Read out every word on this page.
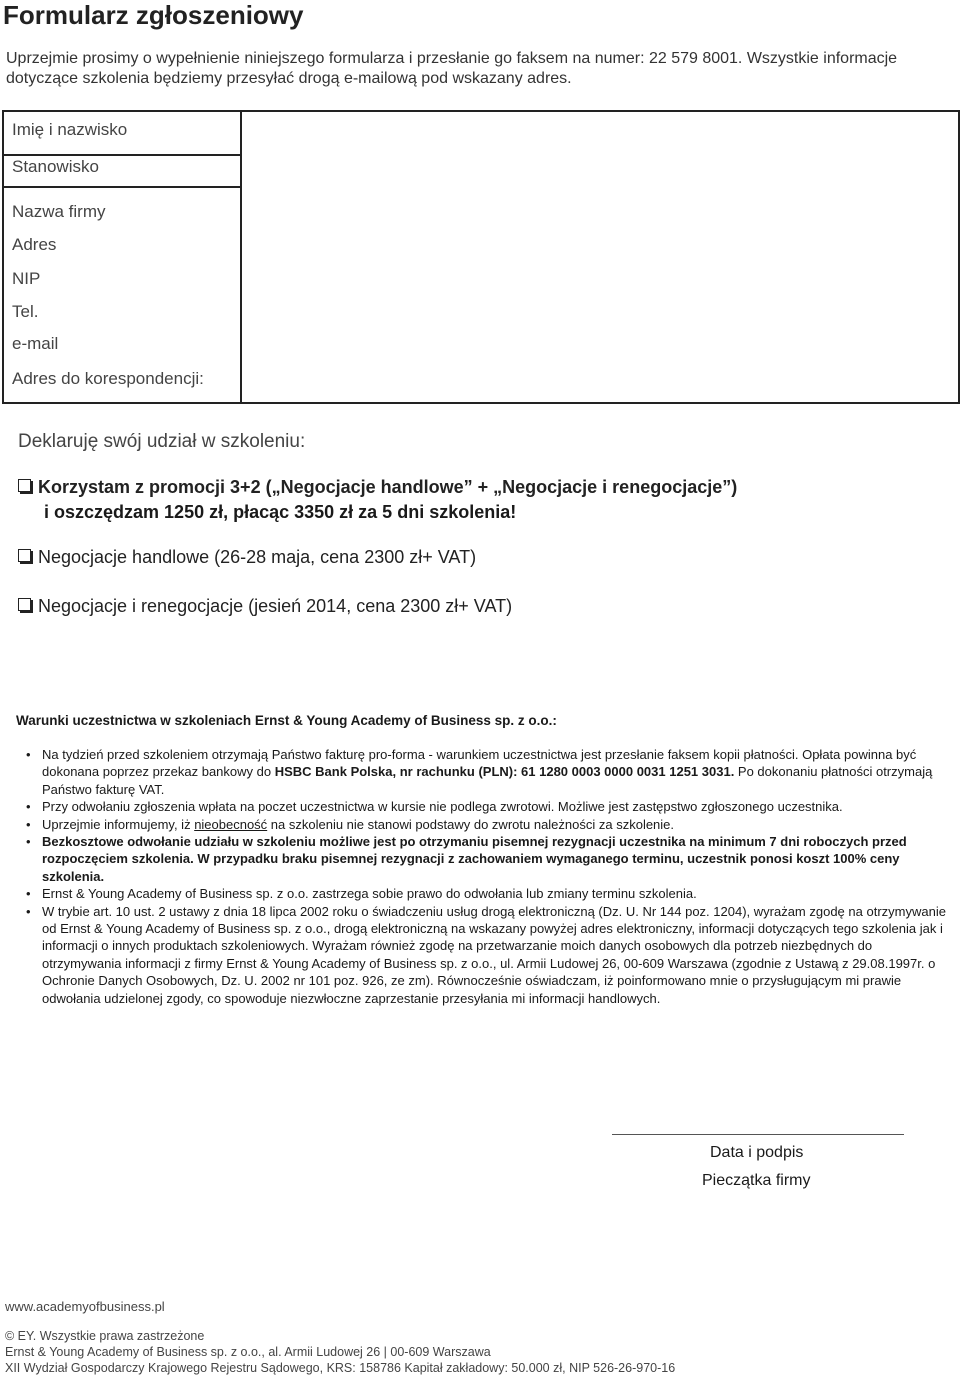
Formularz zgłoszeniowy
Uprzejmie prosimy o wypełnienie niniejszego formularza i przesłanie go faksem na numer: 22 579 8001. Wszystkie informacje dotyczące szkolenia będziemy przesyłać drogą e-mailową pod wskazany adres.
Imię i nazwisko
Stanowisko
Nazwa firmy
Adres
NIP
Tel.
e-mail
Adres do korespondencji:
Deklaruję swój udział w szkoleniu:
Korzystam z promocji 3+2 („Negocjacje handlowe” + „Negocjacje i renegocjacje”)
i oszczędzam 1250 zł, płacąc 3350 zł za 5 dni szkolenia!
Negocjacje handlowe (26-28 maja, cena 2300 zł+ VAT)
Negocjacje i renegocjacje (jesień 2014, cena 2300 zł+ VAT)
Warunki uczestnictwa w szkoleniach Ernst & Young Academy of Business sp. z o.o.:
• Na tydzień przed szkoleniem otrzymają Państwo fakturę pro-forma - warunkiem uczestnictwa jest przesłanie faksem kopii płatności. Opłata powinna być dokonana poprzez przekaz bankowy do HSBC Bank Polska, nr rachunku (PLN): 61 1280 0003 0000 0031 1251 3031. Po dokonaniu płatności otrzymają Państwo fakturę VAT.
• Przy odwołaniu zgłoszenia wpłata na poczet uczestnictwa w kursie nie podlega zwrotowi. Możliwe jest zastępstwo zgłoszonego uczestnika.
• Uprzejmie informujemy, iż nieobecność na szkoleniu nie stanowi podstawy do zwrotu należności za szkolenie.
• Bezkosztowe odwołanie udziału w szkoleniu możliwe jest po otrzymaniu pisemnej rezygnacji uczestnika na minimum 7 dni roboczych przed rozpoczęciem szkolenia. W przypadku braku pisemnej rezygnacji z zachowaniem wymaganego terminu, uczestnik ponosi koszt 100% ceny szkolenia.
• Ernst & Young Academy of Business sp. z o.o. zastrzega sobie prawo do odwołania lub zmiany terminu szkolenia.
• W trybie art. 10 ust. 2 ustawy z dnia 18 lipca 2002 roku o świadczeniu usług drogą elektroniczną (Dz. U. Nr 144 poz. 1204), wyrażam zgodę na otrzymywanie od Ernst & Young Academy of Business sp. z o.o., drogą elektroniczną na wskazany powyżej adres elektroniczny, informacji dotyczących tego szkolenia jak i informacji o innych produktach szkoleniowych. Wyrażam również zgodę na przetwarzanie moich danych osobowych dla potrzeb niezbędnych do otrzymywania informacji z firmy Ernst & Young Academy of Business sp. z o.o., ul. Armii Ludowej 26, 00-609 Warszawa (zgodnie z Ustawą z 29.08.1997r. o Ochronie Danych Osobowych, Dz. U. 2002 nr 101 poz. 926, ze zm). Równocześnie oświadczam, iż poinformowano mnie o przysługującym mi prawie odwołania udzielonej zgody, co spowoduje niezwłoczne zaprzestanie przesyłania mi informacji handlowych.
Data i podpis
Pieczątka firmy
www.academyofbusiness.pl
© EY. Wszystkie prawa zastrzeżone
Ernst & Young Academy of Business sp. z o.o., al. Armii Ludowej 26 | 00-609 Warszawa
XII Wydział Gospodarczy Krajowego Rejestru Sądowego, KRS: 158786 Kapitał zakładowy: 50.000 zł, NIP 526-26-970-16
